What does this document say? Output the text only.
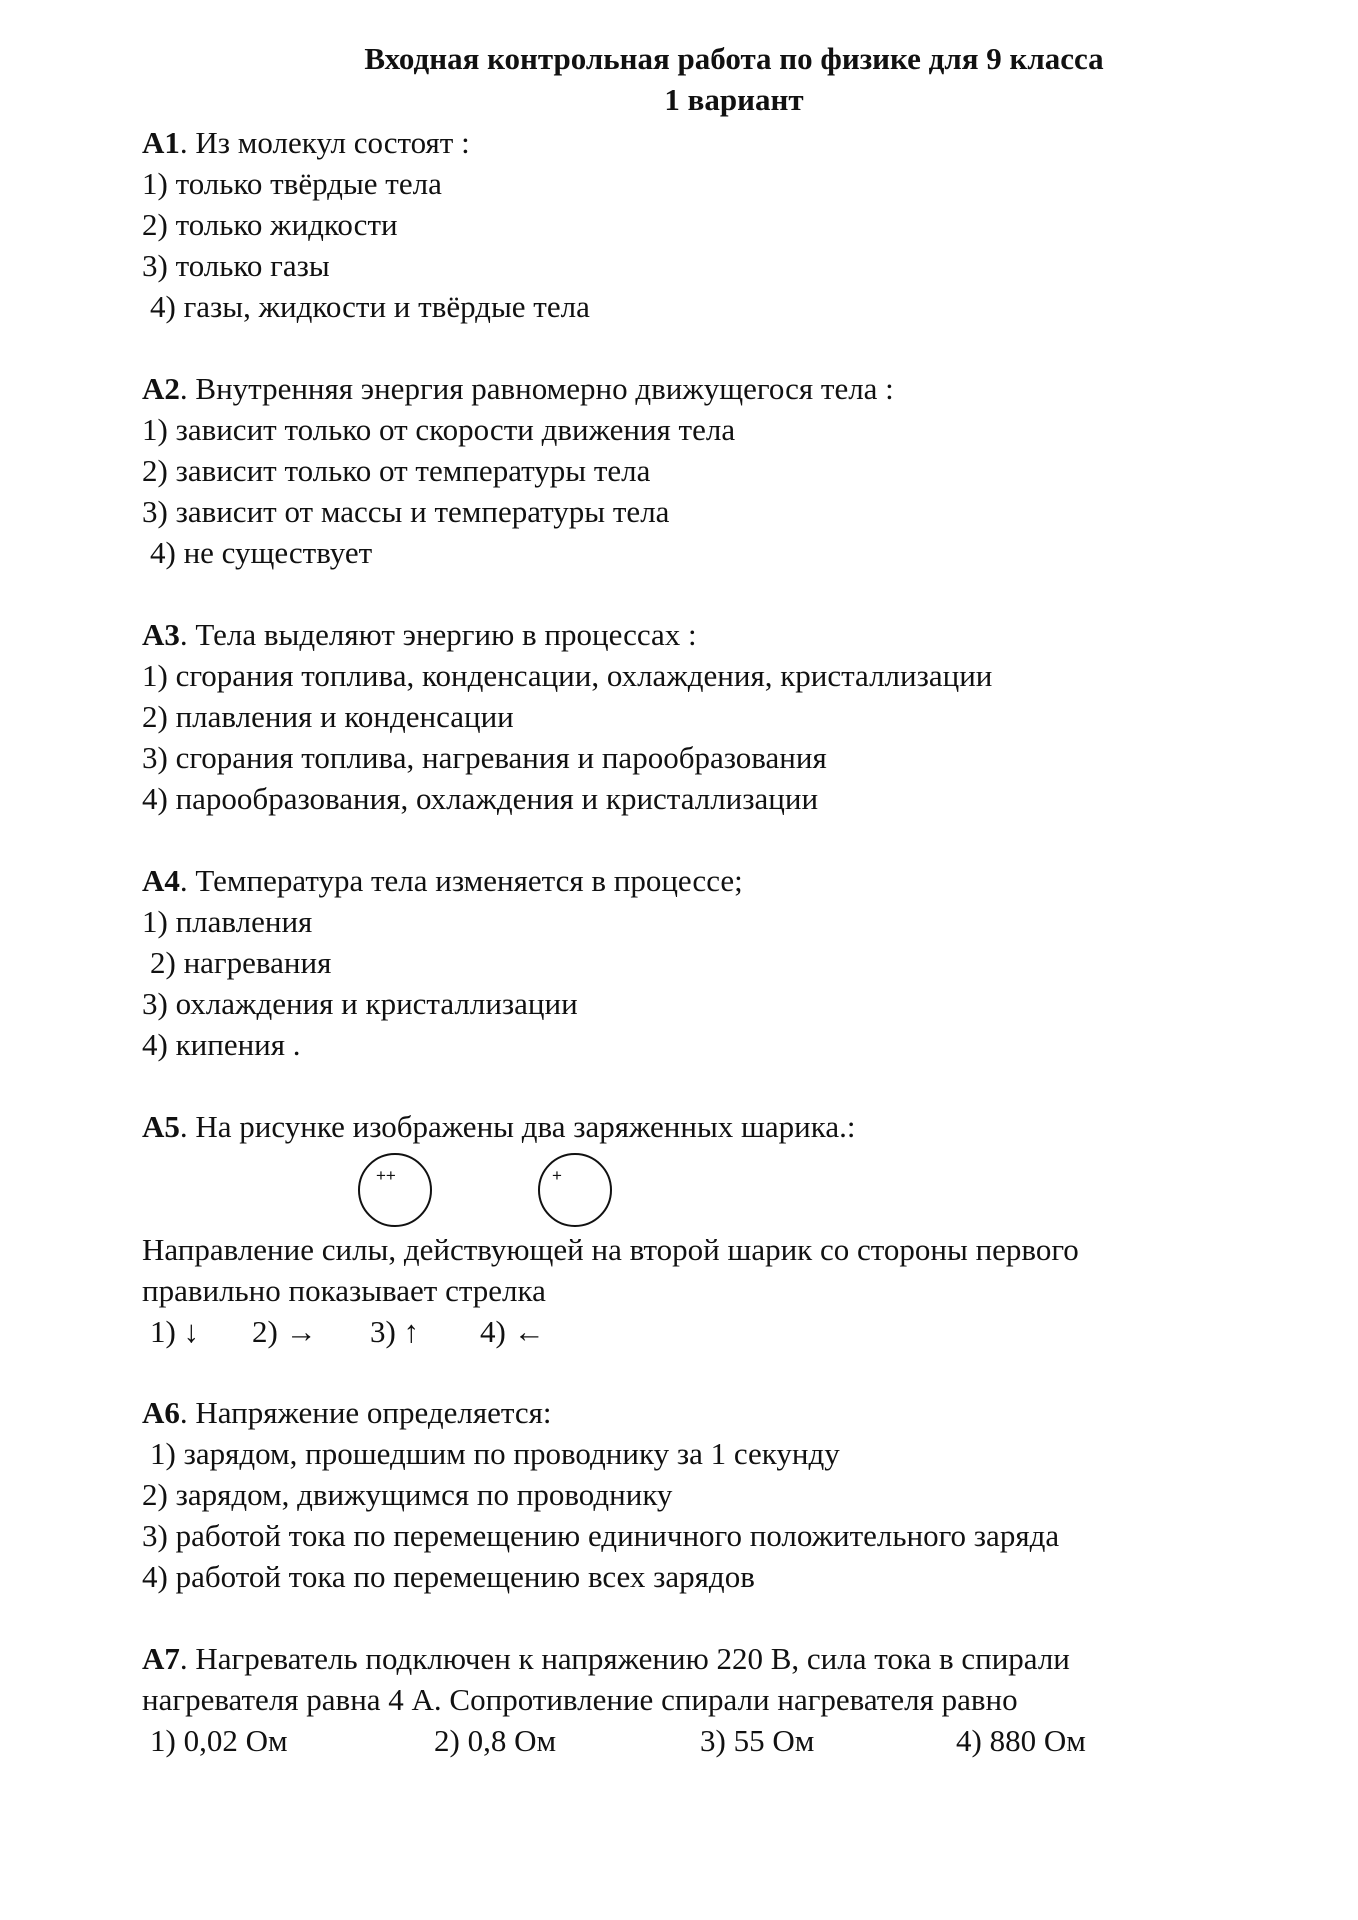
Входная контрольная работа по физике для 9 класса
1 вариант
А1. Из молекул состоят :
1) только твёрдые тела
2) только жидкости
3) только газы
4) газы, жидкости и твёрдые тела
А2. Внутренняя энергия равномерно движущегося тела :
1) зависит только от скорости движения тела
2) зависит только от температуры тела
3) зависит от массы и температуры тела
4) не существует
А3. Тела выделяют энергию в процессах :
1) сгорания топлива, конденсации, охлаждения, кристаллизации
2) плавления и конденсации
3) сгорания топлива, нагревания и парообразования
4) парообразования, охлаждения и кристаллизации
А4. Температура тела изменяется в процессе;
1) плавления
2) нагревания
3) охлаждения и кристаллизации
4) кипения .
А5. На рисунке изображены два заряженных шарика.:
++	+
Направление силы, действующей на второй шарик со стороны первого
правильно показывает стрелка
1) ↓ 2) → 3) ↑ 4) ←
А6. Напряжение определяется:
1) зарядом, прошедшим по проводнику за 1 секунду
2) зарядом, движущимся по проводнику
3) работой тока по перемещению единичного положительного заряда
4) работой тока по перемещению всех зарядов
А7. Нагреватель подключен к напряжению 220 В, сила тока в спирали
нагревателя равна 4 А. Сопротивление спирали нагревателя равно
1) 0,02 Ом	2) 0,8 Ом	3) 55 Ом	4) 880 Ом
